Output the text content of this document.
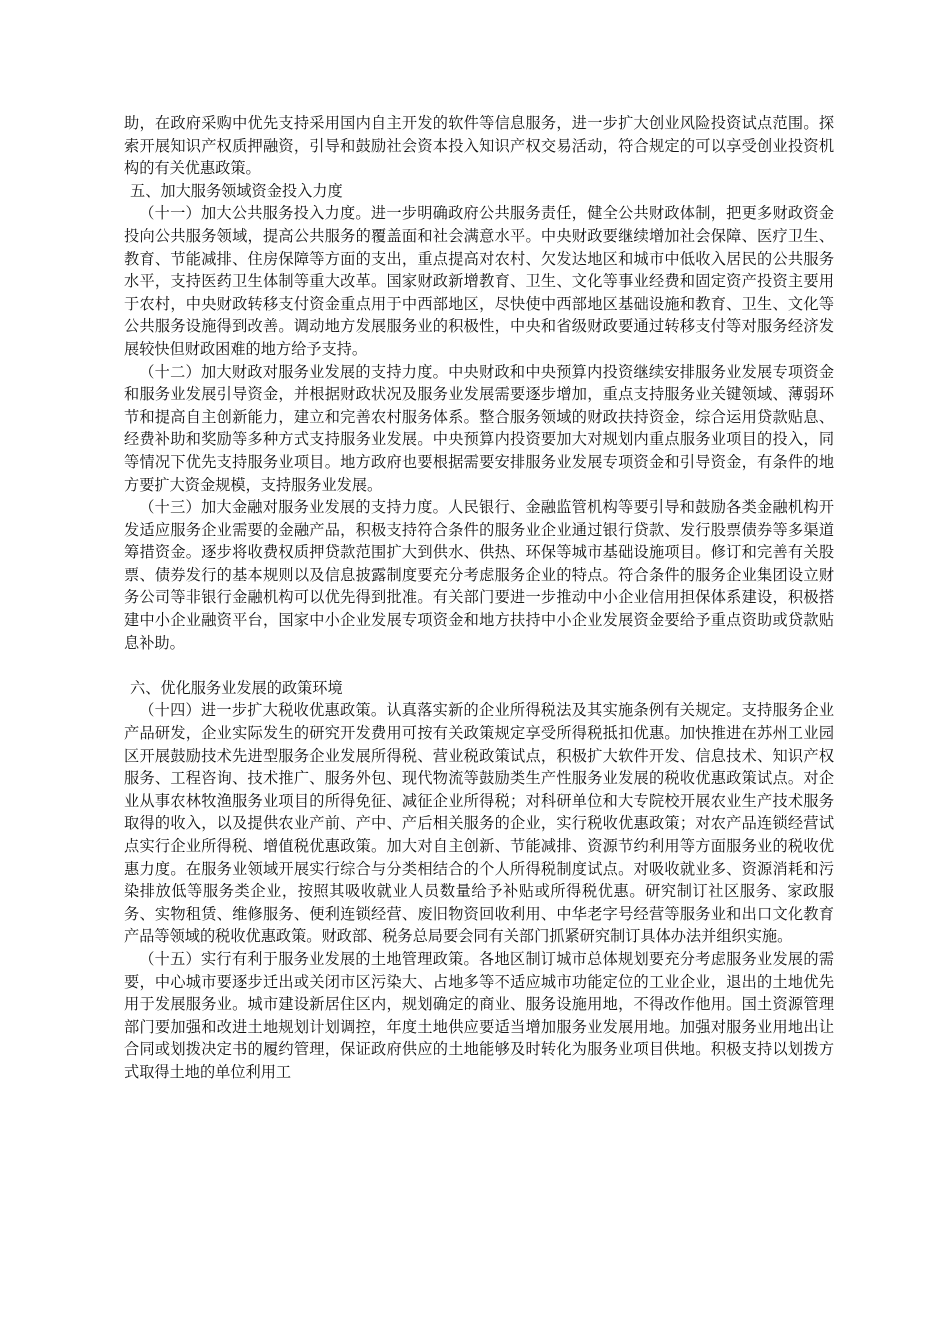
助，在政府采购中优先支持采用国内自主开发的软件等信息服务，进一步扩大创业风险投资试点范围。探索开展知识产权质押融资，引导和鼓励社会资本投入知识产权交易活动，符合规定的可以享受创业投资机构的有关优惠政策。

五、加大服务领域资金投入力度

（十一）加大公共服务投入力度。进一步明确政府公共服务责任，健全公共财政体制，把更多财政资金投向公共服务领域，提高公共服务的覆盖面和社会满意水平。中央财政要继续增加社会保障、医疗卫生、教育、节能减排、住房保障等方面的支出，重点提高对农村、欠发达地区和城市中低收入居民的公共服务水平，支持医药卫生体制等重大改革。国家财政新增教育、卫生、文化等事业经费和固定资产投资主要用于农村，中央财政转移支付资金重点用于中西部地区，尽快使中西部地区基础设施和教育、卫生、文化等公共服务设施得到改善。调动地方发展服务业的积极性，中央和省级财政要通过转移支付等对服务经济发展较快但财政困难的地方给予支持。

（十二）加大财政对服务业发展的支持力度。中央财政和中央预算内投资继续安排服务业发展专项资金和服务业发展引导资金，并根据财政状况及服务业发展需要逐步增加，重点支持服务业关键领域、薄弱环节和提高自主创新能力，建立和完善农村服务体系。整合服务领域的财政扶持资金，综合运用贷款贴息、经费补助和奖励等多种方式支持服务业发展。中央预算内投资要加大对规划内重点服务业项目的投入，同等情况下优先支持服务业项目。地方政府也要根据需要安排服务业发展专项资金和引导资金，有条件的地方要扩大资金规模，支持服务业发展。

（十三）加大金融对服务业发展的支持力度。人民银行、金融监管机构等要引导和鼓励各类金融机构开发适应服务企业需要的金融产品，积极支持符合条件的服务业企业通过银行贷款、发行股票债券等多渠道筹措资金。逐步将收费权质押贷款范围扩大到供水、供热、环保等城市基础设施项目。修订和完善有关股票、债券发行的基本规则以及信息披露制度要充分考虑服务企业的特点。符合条件的服务企业集团设立财务公司等非银行金融机构可以优先得到批准。有关部门要进一步推动中小企业信用担保体系建设，积极搭建中小企业融资平台，国家中小企业发展专项资金和地方扶持中小企业发展资金要给予重点资助或贷款贴息补助。

六、优化服务业发展的政策环境

（十四）进一步扩大税收优惠政策。认真落实新的企业所得税法及其实施条例有关规定。支持服务企业产品研发，企业实际发生的研究开发费用可按有关政策规定享受所得税抵扣优惠。加快推进在苏州工业园区开展鼓励技术先进型服务企业发展所得税、营业税政策试点，积极扩大软件开发、信息技术、知识产权服务、工程咨询、技术推广、服务外包、现代物流等鼓励类生产性服务业发展的税收优惠政策试点。对企业从事农林牧渔服务业项目的所得免征、减征企业所得税；对科研单位和大专院校开展农业生产技术服务取得的收入，以及提供农业产前、产中、产后相关服务的企业，实行税收优惠政策；对农产品连锁经营试点实行企业所得税、增值税优惠政策。加大对自主创新、节能减排、资源节约利用等方面服务业的税收优惠力度。在服务业领域开展实行综合与分类相结合的个人所得税制度试点。对吸收就业多、资源消耗和污染排放低等服务类企业，按照其吸收就业人员数量给予补贴或所得税优惠。研究制订社区服务、家政服务、实物租赁、维修服务、便利连锁经营、废旧物资回收利用、中华老字号经营等服务业和出口文化教育产品等领域的税收优惠政策。财政部、税务总局要会同有关部门抓紧研究制订具体办法并组织实施。

（十五）实行有利于服务业发展的土地管理政策。各地区制订城市总体规划要充分考虑服务业发展的需要，中心城市要逐步迁出或关闭市区污染大、占地多等不适应城市功能定位的工业企业，退出的土地优先用于发展服务业。城市建设新居住区内，规划确定的商业、服务设施用地，不得改作他用。国土资源管理部门要加强和改进土地规划计划调控，年度土地供应要适当增加服务业发展用地。加强对服务业用地出让合同或划拨决定书的履约管理，保证政府供应的土地能够及时转化为服务业项目供地。积极支持以划拨方式取得土地的单位利用工
